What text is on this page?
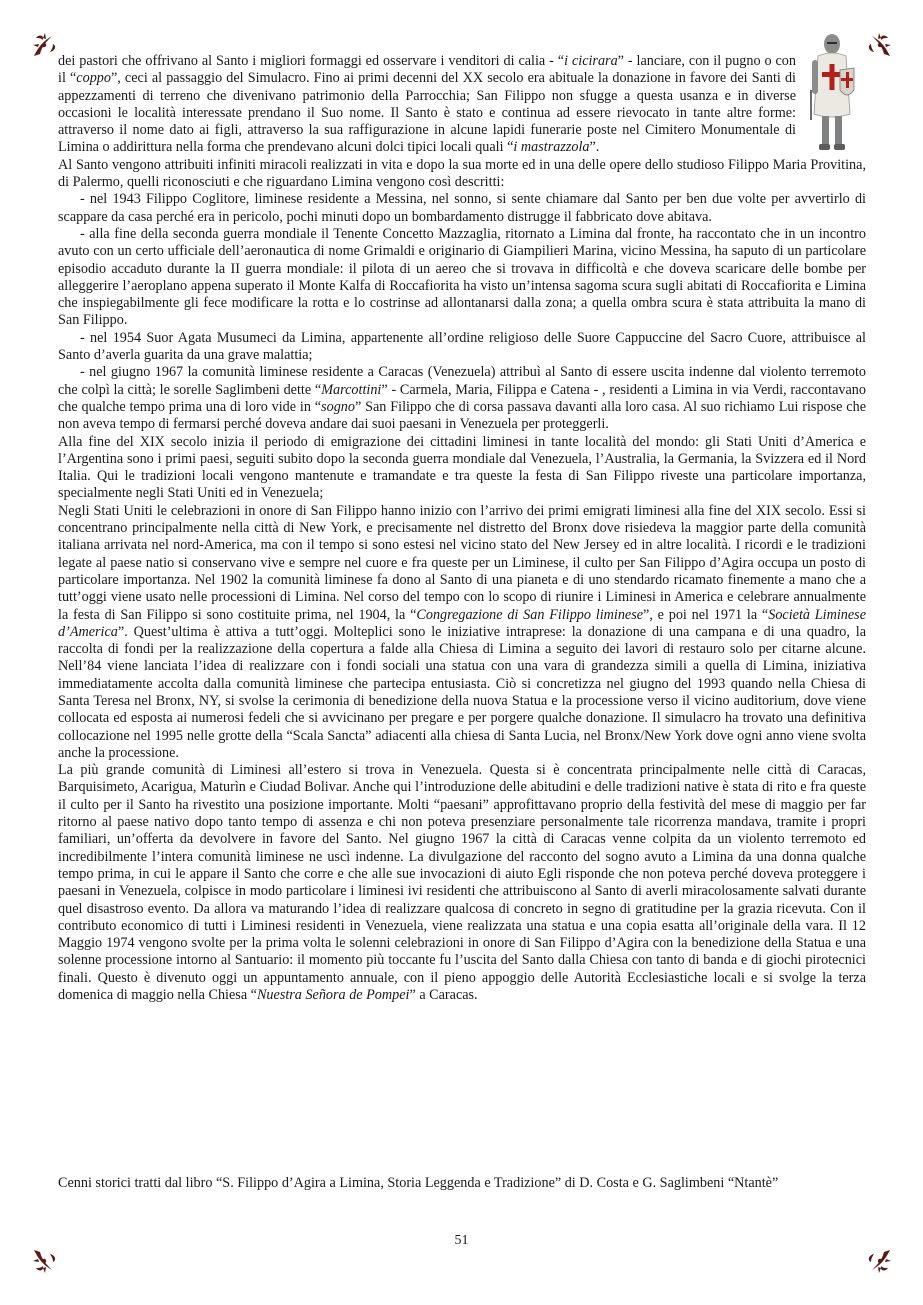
dei pastori che offrivano al Santo i migliori formaggi ed osservare i venditori di calia - “i cicirara” - lanciare, con il pugno o con il “coppo”, ceci al passaggio del Simulacro. Fino ai primi decenni del XX secolo era abituale la donazione in favore dei Santi di appezzamenti di terreno che divenivano patrimonio della Parrocchia; San Filippo non sfugge a questa usanza e in diverse occasioni le località interessate prendano il Suo nome. Il Santo è stato e continua ad essere rievocato in tante altre forme: attraverso il nome dato ai figli, attraverso la sua raffigurazione in alcune lapidi funerarie poste nel Cimitero Monumentale di Limina o addirittura nella forma che prendevano alcuni dolci tipici locali quali “i mastrazzola”.

Al Santo vengono attribuiti infiniti miracoli realizzati in vita e dopo la sua morte ed in una delle opere dello studioso Filippo Maria Provitina, di Palermo, quelli riconosciuti e che riguardano Limina vengono così descritti:

- nel 1943 Filippo Coglitore, liminese residente a Messina, nel sonno, si sente chiamare dal Santo per ben due volte per avvertirlo di scappare da casa perché era in pericolo, pochi minuti dopo un bombardamento distrugge il fabbricato dove abitava.

- alla fine della seconda guerra mondiale il Tenente Concetto Mazzaglia, ritornato a Limina dal fronte, ha raccontato che in un incontro avuto con un certo ufficiale dell’aeronautica di nome Grimaldi e originario di Giampilieri Marina, vicino Messina, ha saputo di un particolare episodio accaduto durante la II guerra mondiale: il pilota di un aereo che si trovava in difficoltà e che doveva scaricare delle bombe per alleggerire l’aeroplano appena superato il Monte Kalfa di Roccafiorita ha visto un’intensa sagoma scura sugli abitati di Roccafiorita e Limina che inspiegabilmente gli fece modificare la rotta e lo costrinse ad allontanarsi dalla zona; a quella ombra scura è stata attribuita la mano di San Filippo.

- nel 1954 Suor Agata Musumeci da Limina, appartenente all’ordine religioso delle Suore Cappuccine del Sacro Cuore, attribuisce al Santo d’averla guarita da una grave malattia;

- nel giugno 1967 la comunità liminese residente a Caracas (Venezuela) attribuì al Santo di essere uscita indenne dal violento terremoto che colpì la città; le sorelle Saglimbeni dette “Marcottini” - Carmela, Maria, Filippa e Catena - , residenti a Limina in via Verdi, raccontavano che qualche tempo prima una di loro vide in “sogno” San Filippo che di corsa passava davanti alla loro casa. Al suo richiamo Lui rispose che non aveva tempo di fermarsi perché doveva andare dai suoi paesani in Venezuela per proteggerli.

Alla fine del XIX secolo inizia il periodo di emigrazione dei cittadini liminesi in tante località del mondo: gli Stati Uniti d’America e l’Argentina sono i primi paesi, seguiti subito dopo la seconda guerra mondiale dal Venezuela, l’Australia, la Germania, la Svizzera ed il Nord Italia. Qui le tradizioni locali vengono mantenute e tramandate e tra queste la festa di San Filippo riveste una particolare importanza, specialmente negli Stati Uniti ed in Venezuela;

Negli Stati Uniti le celebrazioni in onore di San Filippo hanno inizio con l’arrivo dei primi emigrati liminesi alla fine del XIX secolo. Essi si concentrano principalmente nella città di New York, e precisamente nel distretto del Bronx dove risiedeva la maggior parte della comunità italiana arrivata nel nord-America, ma con il tempo si sono estesi nel vicino stato del New Jersey ed in altre località. I ricordi e le tradizioni legate al paese natio si conservano vive e sempre nel cuore e fra queste per un Liminese, il culto per San Filippo d’Agira occupa un posto di particolare importanza. Nel 1902 la comunità liminese fa dono al Santo di una pianeta e di uno stendardo ricamato finemente a mano che a tutt’oggi viene usato nelle processioni di Limina. Nel corso del tempo con lo scopo di riunire i Liminesi in America e celebrare annualmente la festa di San Filippo si sono costituite prima, nel 1904, la “Congregazione di San Filippo liminese”, e poi nel 1971 la “Società Liminese d’America”. Quest’ultima è attiva a tutt’oggi. Molteplici sono le iniziative intraprese: la donazione di una campana e di una quadro, la raccolta di fondi per la realizzazione della copertura a falde alla Chiesa di Limina a seguito dei lavori di restauro solo per citarne alcune. Nell’84 viene lanciata l’idea di realizzare con i fondi sociali una statua con una vara di grandezza simili a quella di Limina, iniziativa immediatamente accolta dalla comunità liminese che partecipa entusiasta. Ciò si concretizza nel giugno del 1993 quando nella Chiesa di Santa Teresa nel Bronx, NY, si svolse la cerimonia di benedizione della nuova Statua e la processione verso il vicino auditorium, dove viene collocata ed esposta ai numerosi fedeli che si avvicinano per pregare e per porgere qualche donazione. Il simulacro ha trovato una definitiva collocazione nel 1995 nelle grotte della “Scala Sancta” adiacenti alla chiesa di Santa Lucia, nel Bronx/New York dove ogni anno viene svolta anche la processione.

La più grande comunità di Liminesi all’estero si trova in Venezuela. Questa si è concentrata principalmente nelle città di Caracas, Barquisimeto, Acarigua, Maturìn e Ciudad Bolivar. Anche qui l’introduzione delle abitudini e delle tradizioni native è stata di rito e fra queste il culto per il Santo ha rivestito una posizione importante. Molti “paesani” approfittavano proprio della festività del mese di maggio per far ritorno al paese nativo dopo tanto tempo di assenza e chi non poteva presenziare personalmente tale ricorrenza mandava, tramite i propri familiari, un’offerta da devolvere in favore del Santo. Nel giugno 1967 la città di Caracas venne colpita da un violento terremoto ed incredibilmente l’intera comunità liminese ne uscì indenne. La divulgazione del racconto del sogno avuto a Limina da una donna qualche tempo prima, in cui le appare il Santo che corre e che alle sue invocazioni di aiuto Egli risponde che non poteva perché doveva proteggere i paesani in Venezuela, colpisce in modo particolare i liminesi ivi residenti che attribuiscono al Santo di averli miracolosamente salvati durante quel disastroso evento. Da allora va maturando l’idea di realizzare qualcosa di concreto in segno di gratitudine per la grazia ricevuta. Con il contributo economico di tutti i Liminesi residenti in Venezuela, viene realizzata una statua e una copia esatta all’originale della vara. Il 12 Maggio 1974 vengono svolte per la prima volta le solenni celebrazioni in onore di San Filippo d’Agira con la benedizione della Statua e una solenne processione intorno al Santuario: il momento più toccante fu l’uscita del Santo dalla Chiesa con tanto di banda e di giochi pirotecnici finali. Questo è divenuto oggi un appuntamento annuale, con il pieno appoggio delle Autorità Ecclesiastiche locali e si svolge la terza domenica di maggio nella Chiesa “Nuestra Señora de Pompei” a Caracas.

Cenni storici tratti dal libro “S. Filippo d’Agira a Limina, Storia Leggenda e Tradizione” di D. Costa e G. Saglimbeni “Ntantè”
51
